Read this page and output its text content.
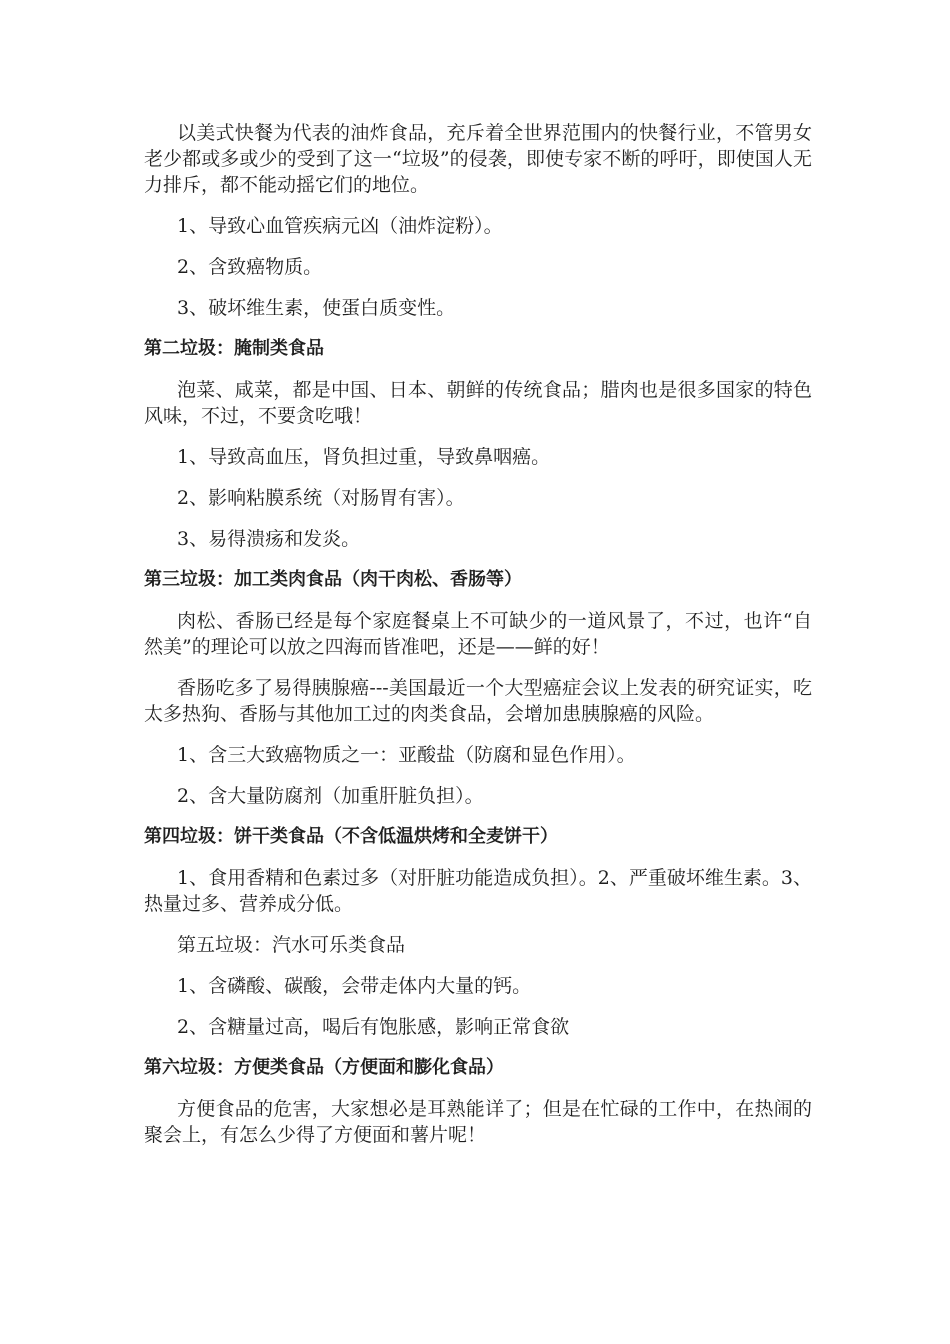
以美式快餐为代表的油炸食品，充斥着全世界范围内的快餐行业，不管男女老少都或多或少的受到了这一“垃圾”的侵袭，即使专家不断的呼吁，即使国人无力排斥，都不能动摇它们的地位。

1、导致心血管疾病元凶（油炸淀粉）。

2、含致癌物质。

3、破坏维生素，使蛋白质变性。

第二垃圾：腌制类食品

泡菜、咸菜，都是中国、日本、朝鲜的传统食品；腊肉也是很多国家的特色风味，不过，不要贪吃哦！

1、导致高血压，肾负担过重，导致鼻咽癌。

2、影响粘膜系统（对肠胃有害）。

3、易得溃疡和发炎。

第三垃圾：加工类肉食品（肉干肉松、香肠等）

肉松、香肠已经是每个家庭餐桌上不可缺少的一道风景了，不过，也许“自然美”的理论可以放之四海而皆准吧，还是——鲜的好！

香肠吃多了易得胰腺癌---美国最近一个大型癌症会议上发表的研究证实，吃太多热狗、香肠与其他加工过的肉类食品，会增加患胰腺癌的风险。

1、含三大致癌物质之一：亚酸盐（防腐和显色作用）。

2、含大量防腐剂（加重肝脏负担）。

第四垃圾：饼干类食品（不含低温烘烤和全麦饼干）

1、食用香精和色素过多（对肝脏功能造成负担）。2、严重破坏维生素。3、热量过多、营养成分低。

第五垃圾：汽水可乐类食品

1、含磷酸、碳酸，会带走体内大量的钙。

2、含糖量过高，喝后有饱胀感，影响正常食欲

第六垃圾：方便类食品（方便面和膨化食品）

方便食品的危害，大家想必是耳熟能详了；但是在忙碌的工作中，在热闹的聚会上，有怎么少得了方便面和薯片呢！
